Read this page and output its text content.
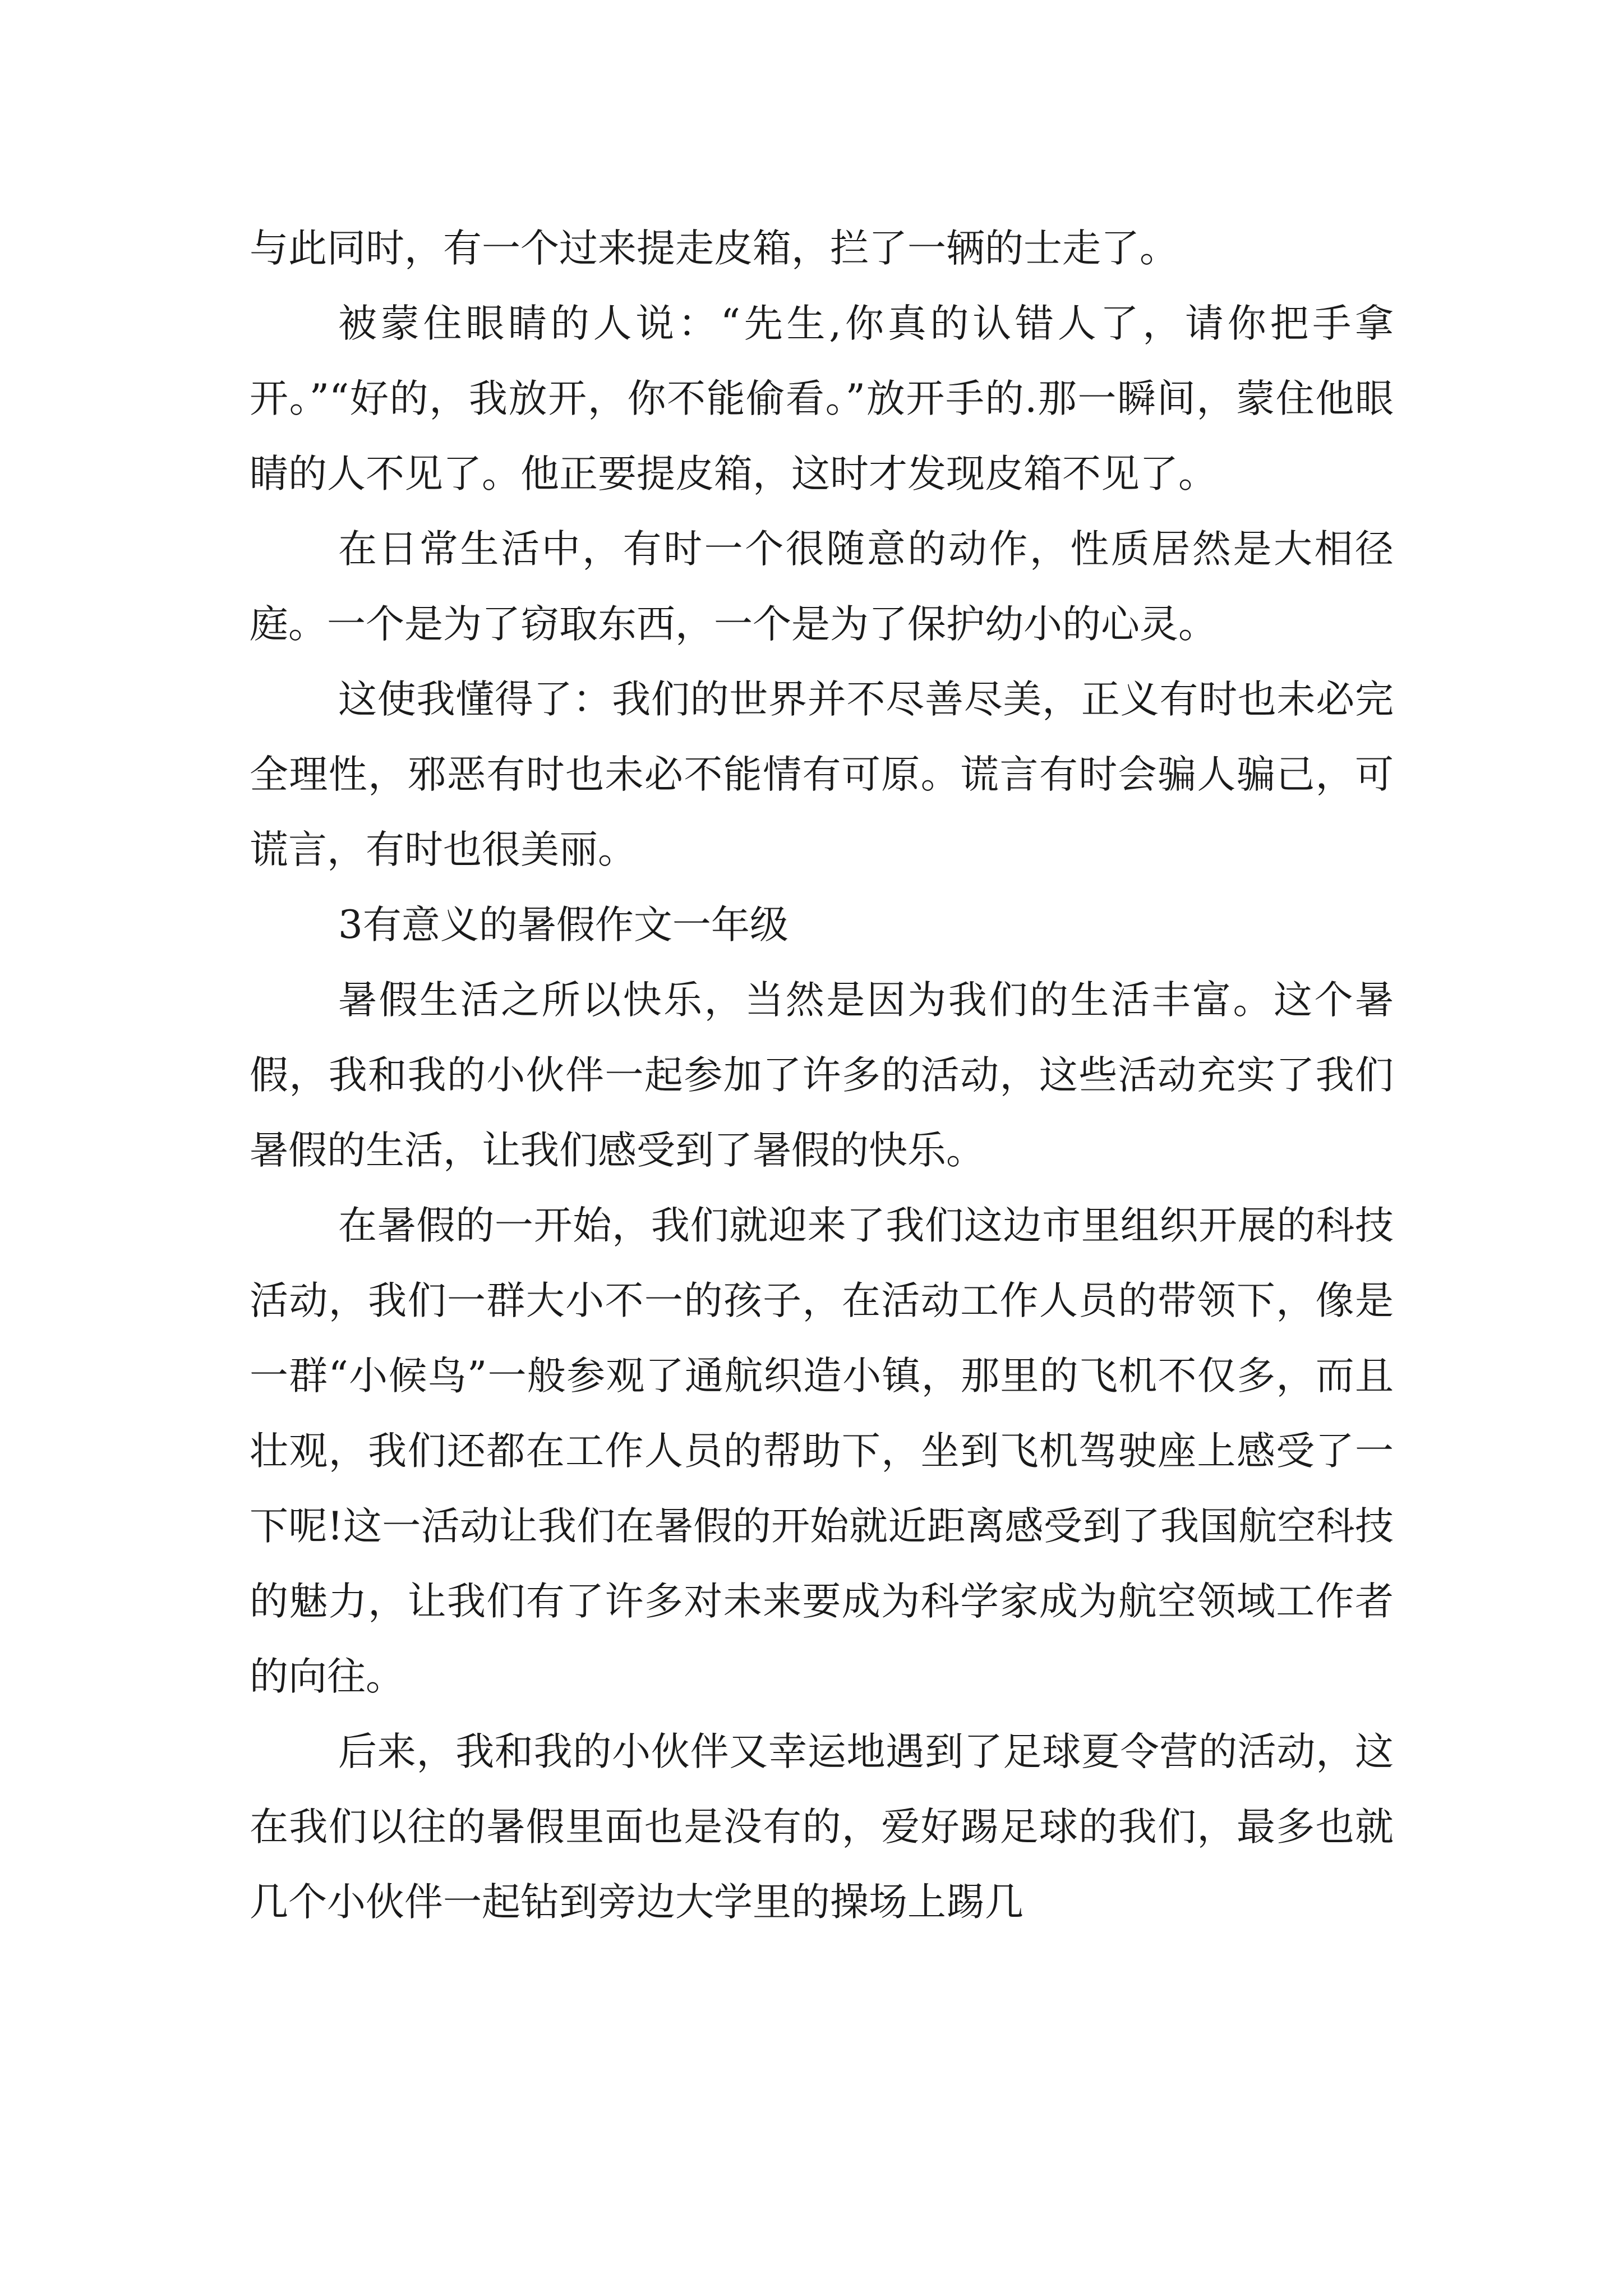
与此同时，有一个过来提走皮箱，拦了一辆的士走了。

被蒙住眼睛的人说：“先生,你真的认错人了，请你把手拿开。”“好的，我放开，你不能偷看。”放开手的.那一瞬间，蒙住他眼睛的人不见了。他正要提皮箱，这时才发现皮箱不见了。

在日常生活中，有时一个很随意的动作，性质居然是大相径庭。一个是为了窃取东西，一个是为了保护幼小的心灵。

这使我懂得了：我们的世界并不尽善尽美，正义有时也未必完全理性，邪恶有时也未必不能情有可原。谎言有时会骗人骗己，可谎言，有时也很美丽。

3有意义的暑假作文一年级

暑假生活之所以快乐，当然是因为我们的生活丰富。这个暑假，我和我的小伙伴一起参加了许多的活动，这些活动充实了我们暑假的生活，让我们感受到了暑假的快乐。

在暑假的一开始，我们就迎来了我们这边市里组织开展的科技活动，我们一群大小不一的孩子，在活动工作人员的带领下，像是一群“小候鸟”一般参观了通航织造小镇，那里的飞机不仅多，而且壮观，我们还都在工作人员的帮助下，坐到飞机驾驶座上感受了一下呢!这一活动让我们在暑假的开始就近距离感受到了我国航空科技的魅力，让我们有了许多对未来要成为科学家成为航空领域工作者的向往。

后来，我和我的小伙伴又幸运地遇到了足球夏令营的活动，这在我们以往的暑假里面也是没有的，爱好踢足球的我们，最多也就几个小伙伴一起钻到旁边大学里的操场上踢几
